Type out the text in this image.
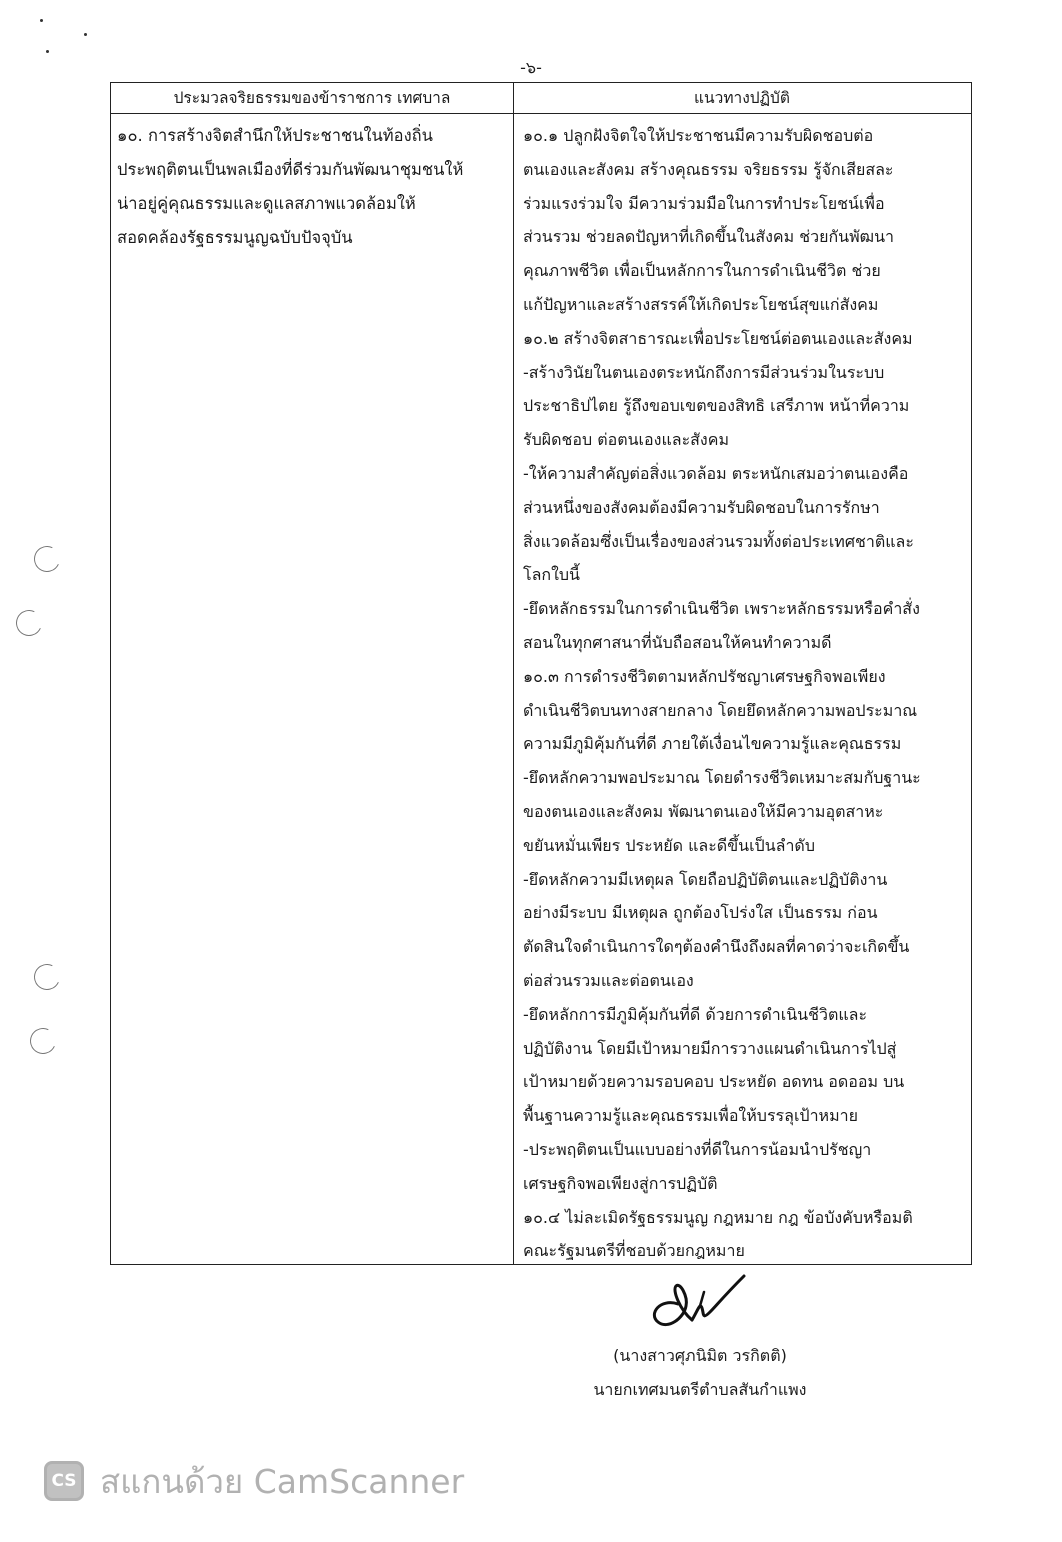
-๖-
ประมวลจริยธรรมของข้าราชการ เทศบาล	แนวทางปฏิบัติ
๑๐. การสร้างจิตสำนึกให้ประชาชนในท้องถิ่น
ประพฤติตนเป็นพลเมืองที่ดีร่วมกันพัฒนาชุมชนให้
น่าอยู่คู่คุณธรรมและดูแลสภาพแวดล้อมให้
สอดคล้องรัฐธรรมนูญฉบับปัจจุบัน
๑๐.๑ ปลูกฝังจิตใจให้ประชาชนมีความรับผิดชอบต่อ
ตนเองและสังคม สร้างคุณธรรม จริยธรรม รู้จักเสียสละ
ร่วมแรงร่วมใจ มีความร่วมมือในการทำประโยชน์เพื่อ
ส่วนรวม ช่วยลดปัญหาที่เกิดขึ้นในสังคม ช่วยกันพัฒนา
คุณภาพชีวิต เพื่อเป็นหลักการในการดำเนินชีวิต ช่วย
แก้ปัญหาและสร้างสรรค์ให้เกิดประโยชน์สุขแก่สังคม
๑๐.๒ สร้างจิตสาธารณะเพื่อประโยชน์ต่อตนเองและสังคม
-สร้างวินัยในตนเองตระหนักถึงการมีส่วนร่วมในระบบ
ประชาธิปไตย รู้ถึงขอบเขตของสิทธิ เสรีภาพ หน้าที่ความ
รับผิดชอบ ต่อตนเองและสังคม
-ให้ความสำคัญต่อสิ่งแวดล้อม ตระหนักเสมอว่าตนเองคือ
ส่วนหนึ่งของสังคมต้องมีความรับผิดชอบในการรักษา
สิ่งแวดล้อมซึ่งเป็นเรื่องของส่วนรวมทั้งต่อประเทศชาติและ
โลกใบนี้
-ยึดหลักธรรมในการดำเนินชีวิต เพราะหลักธรรมหรือคำสั่ง
สอนในทุกศาสนาที่นับถือสอนให้คนทำความดี
๑๐.๓ การดำรงชีวิตตามหลักปรัชญาเศรษฐกิจพอเพียง
ดำเนินชีวิตบนทางสายกลาง โดยยึดหลักความพอประมาณ
ความมีภูมิคุ้มกันที่ดี ภายใต้เงื่อนไขความรู้และคุณธรรม
-ยึดหลักความพอประมาณ โดยดำรงชีวิตเหมาะสมกับฐานะ
ของตนเองและสังคม พัฒนาตนเองให้มีความอุตสาหะ
ขยันหมั่นเพียร ประหยัด และดีขึ้นเป็นลำดับ
-ยึดหลักความมีเหตุผล โดยถือปฏิบัติตนและปฏิบัติงาน
อย่างมีระบบ มีเหตุผล ถูกต้องโปร่งใส เป็นธรรม ก่อน
ตัดสินใจดำเนินการใดๆต้องคำนึงถึงผลที่คาดว่าจะเกิดขึ้น
ต่อส่วนรวมและต่อตนเอง
-ยึดหลักการมีภูมิคุ้มกันที่ดี ด้วยการดำเนินชีวิตและ
ปฏิบัติงาน โดยมีเป้าหมายมีการวางแผนดำเนินการไปสู่
เป้าหมายด้วยความรอบคอบ ประหยัด อดทน อดออม บน
พื้นฐานความรู้และคุณธรรมเพื่อให้บรรลุเป้าหมาย
-ประพฤติตนเป็นแบบอย่างที่ดีในการน้อมนำปรัชญา
เศรษฐกิจพอเพียงสู่การปฏิบัติ
๑๐.๔ ไม่ละเมิดรัฐธรรมนูญ กฎหมาย กฎ ข้อบังคับหรือมติ
คณะรัฐมนตรีที่ชอบด้วยกฎหมาย
(นางสาวศุภนิมิต วรกิตติ)
นายกเทศมนตรีตำบลสันกำแพง
CS สแกนด้วย CamScanner
